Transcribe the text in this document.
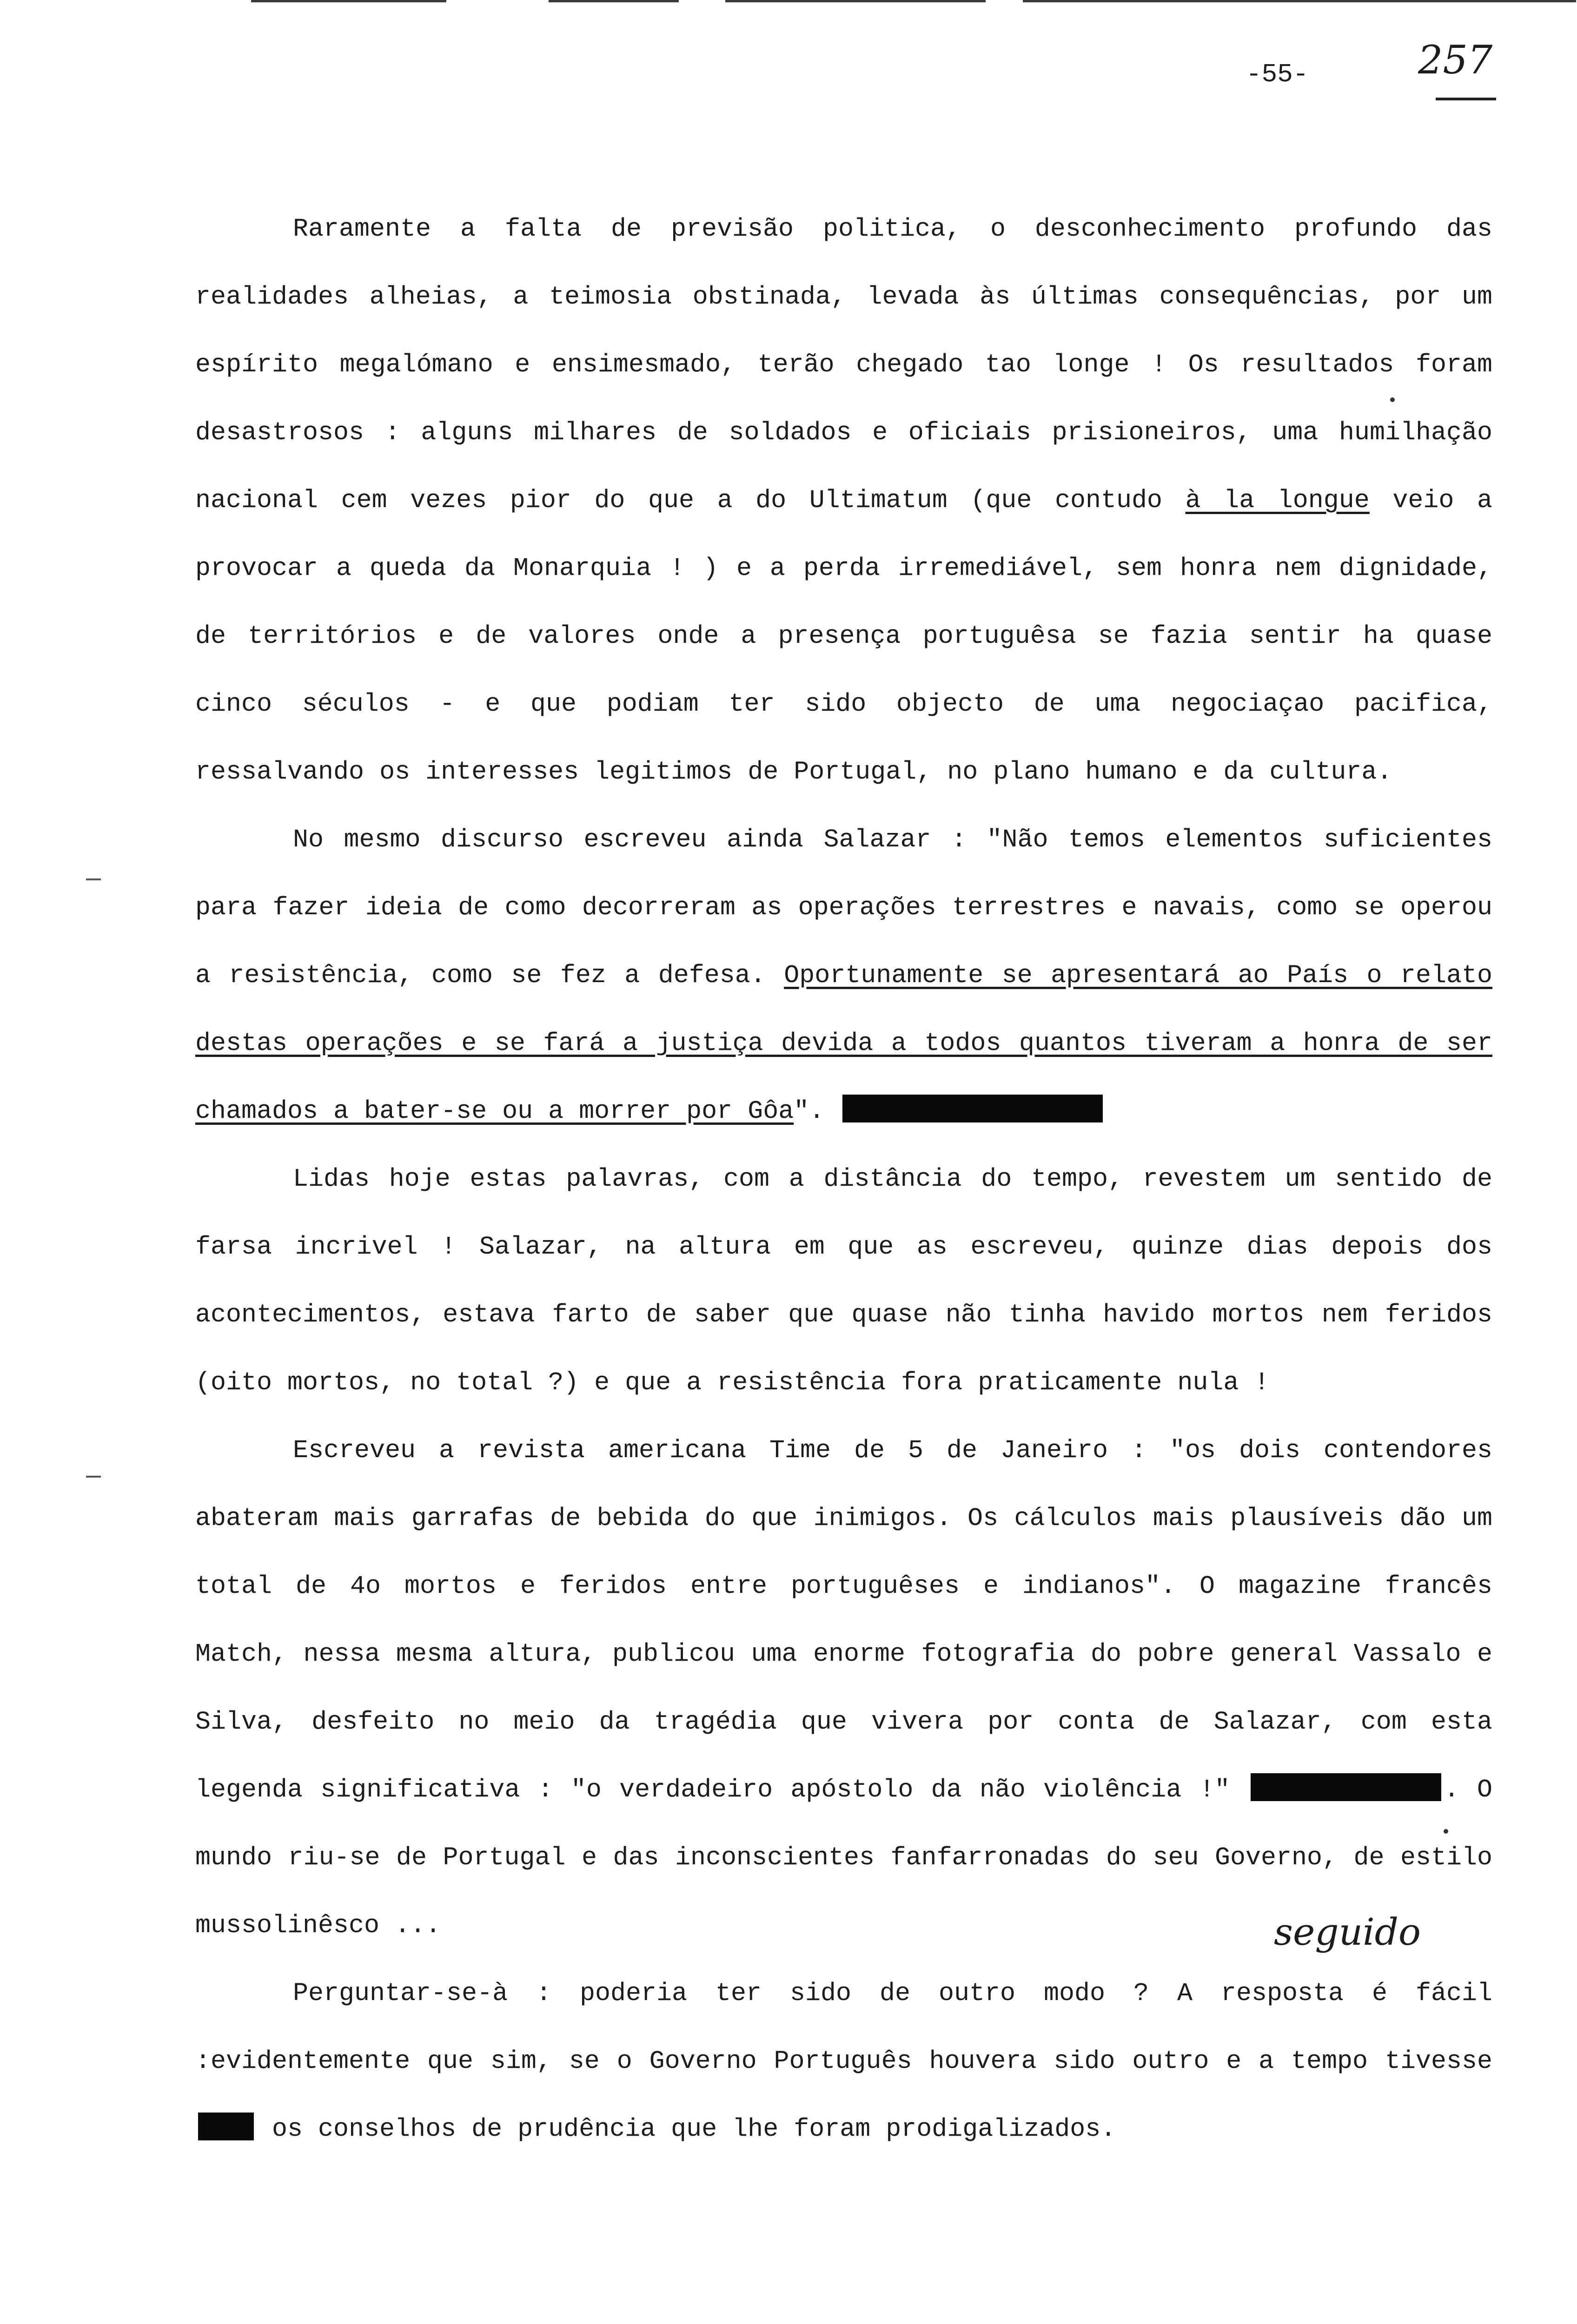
-55-	257
seguido

Raramente a falta de previsão politica, o desconhecimento profundo das realidades alheias, a teimosia obstinada, levada às últimas consequências, por um espírito megalómano e ensimesmado, terão chegado tao longe ! Os resultados foram desastrosos : alguns milhares de soldados e oficiais prisioneiros, uma humilhação nacional cem vezes pior do que a do Ultimatum (que contudo à la longue veio a provocar a queda da Monarquia ! ) e a perda irremediável, sem honra nem dignidade, de territórios e de valores onde a presença portuguêsa se fazia sentir ha quase cinco séculos - e que podiam ter sido objecto de uma negociaçao pacifica, ressalvando os interesses legitimos de Portugal, no plano humano e da cultura.

No mesmo discurso escreveu ainda Salazar : "Não temos elementos suficientes para fazer ideia de como decorreram as operações terrestres e navais, como se operou a resistência, como se fez a defesa. Oportunamente se apresentará ao País o relato destas operações e se fará a justiça devida a todos quantos tiveram a honra de ser chamados a bater-se ou a morrer por Gôa".

Lidas hoje estas palavras, com a distância do tempo, revestem um sentido de farsa incrivel ! Salazar, na altura em que as escreveu, quinze dias depois dos acontecimentos, estava farto de saber que quase não tinha havido mortos nem feridos (oito mortos, no total ?) e que a resistência fora praticamente nula !

Escreveu a revista americana Time de 5 de Janeiro : "os dois contendores abateram mais garrafas de bebida do que inimigos. Os cálculos mais plausíveis dão um total de 4o mortos e feridos entre portuguêses e indianos". O magazine francês Match, nessa mesma altura, publicou uma enorme fotografia do pobre general Vassalo e Silva, desfeito no meio da tragédia que vivera por conta de Salazar, com esta legenda significativa : "o verdadeiro apóstolo da não violência !"	. O mundo riu-se de Portugal e das inconscientes fanfarronadas do seu Governo, de estilo mussolinêsco ...

Perguntar-se-à : poderia ter sido de outro modo ? A resposta é fácil :evidentemente que sim, se o Governo Português houvera sido outro e a tempo tivesse  os conselhos de prudência que lhe foram prodigalizados.
